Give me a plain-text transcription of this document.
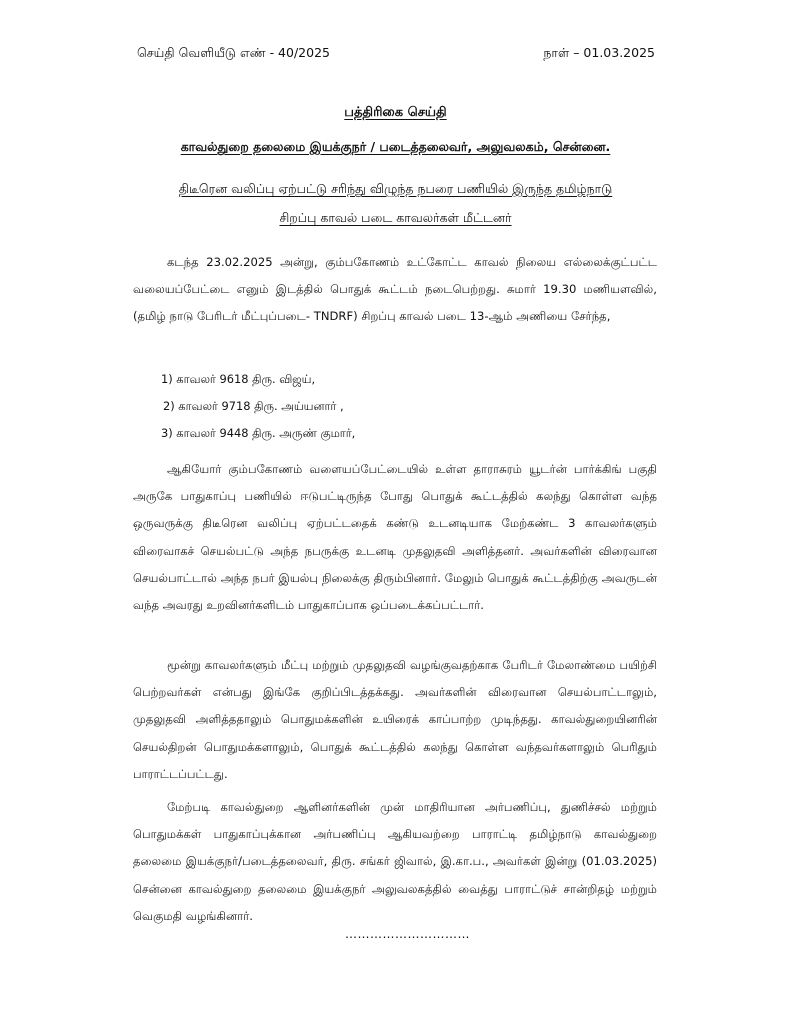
செய்தி வெளியீடு எண் - 40/2025	நாள் – 01.03.2025
பத்திரிகை செய்தி
காவல்துறை தலைமை இயக்குநர் / படைத்தலைவர், அலுவலகம், சென்னை.
திடீரென வலிப்பு ஏற்பட்டு சரிந்து விழுந்த நபரை பணியில் இருந்த தமிழ்நாடு
சிறப்பு காவல் படை காவலர்கள் மீட்டனர்

கடந்த 23.02.2025 அன்று, கும்பகோணம் உட்கோட்ட காவல் நிலைய எல்லைக்குட்பட்ட வலையப்பேட்டை எனும் இடத்தில் பொதுக் கூட்டம் நடைபெற்றது. சுமார் 19.30 மணியளவில், (தமிழ் நாடு பேரிடர் மீட்புப்படை- TNDRF) சிறப்பு காவல் படை 13-ஆம் அணியை சேர்ந்த,

1) காவலர் 9618 திரு. விஜய்,
2) காவலர் 9718 திரு. அய்யனார் ,
3) காவலர் 9448 திரு. அருண் குமார்,

ஆகியோர் கும்பகோணம் வளையப்பேட்டையில் உள்ள தாராசுரம் யூடர்ன் பார்க்கிங் பகுதி அருகே பாதுகாப்பு பணியில் ஈடுபட்டிருந்த போது பொதுக் கூட்டத்தில் கலந்து கொள்ள வந்த ஒருவருக்கு திடீரென வலிப்பு ஏற்பட்டதைக் கண்டு உடனடியாக மேற்கண்ட 3 காவலர்களும் விரைவாகச் செயல்பட்டு அந்த நபருக்கு உடனடி முதலுதவி அளித்தனர். அவர்களின் விரைவான செயல்பாட்டால் அந்த நபர் இயல்பு நிலைக்கு திரும்பினார். மேலும் பொதுக் கூட்டத்திற்கு அவருடன் வந்த அவரது உறவினர்களிடம் பாதுகாப்பாக ஒப்படைக்கப்பட்டார்.

மூன்று காவலர்களும் மீட்பு மற்றும் முதலுதவி வழங்குவதற்காக பேரிடர் மேலாண்மை பயிற்சி பெற்றவர்கள் என்பது இங்கே குறிப்பிடத்தக்கது. அவர்களின் விரைவான செயல்பாட்டாலும், முதலுதவி அளித்ததாலும் பொதுமக்களின் உயிரைக் காப்பாற்ற முடிந்தது. காவல்துறையினரின் செயல்திறன் பொதுமக்களாலும், பொதுக் கூட்டத்தில் கலந்து கொள்ள வந்தவர்களாலும் பெரிதும் பாராட்டப்பட்டது.

மேற்படி காவல்துறை ஆளினர்களின் முன் மாதிரியான அர்பணிப்பு, துணிச்சல் மற்றும் பொதுமக்கள் பாதுகாப்புக்கான அர்பணிப்பு ஆகியவற்றை பாராட்டி தமிழ்நாடு காவல்துறை தலைமை இயக்குநர்/படைத்தலைவர், திரு. சங்கர் ஜிவால், இ.கா.ப., அவர்கள் இன்று (01.03.2025) சென்னை காவல்துறை தலைமை இயக்குநர் அலுவலகத்தில் வைத்து பாராட்டுச் சான்றிதழ் மற்றும் வெகுமதி வழங்கினார்.

…………………………
